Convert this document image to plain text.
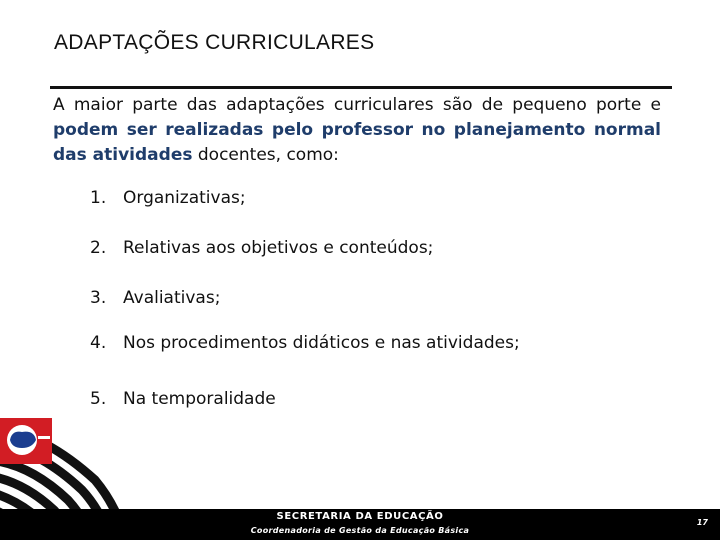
ADAPTAÇÕES CURRICULARES

A maior parte das adaptações curriculares são de pequeno porte e podem ser realizadas pelo professor no planejamento normal das atividades docentes, como:

1. Organizativas;
2. Relativas aos objetivos e conteúdos;
3. Avaliativas;
4. Nos procedimentos didáticos e nas atividades;
5. Na temporalidade
SECRETARIA DA EDUCAÇÃO
Coordenadoria de Gestão da Educação Básica
17
